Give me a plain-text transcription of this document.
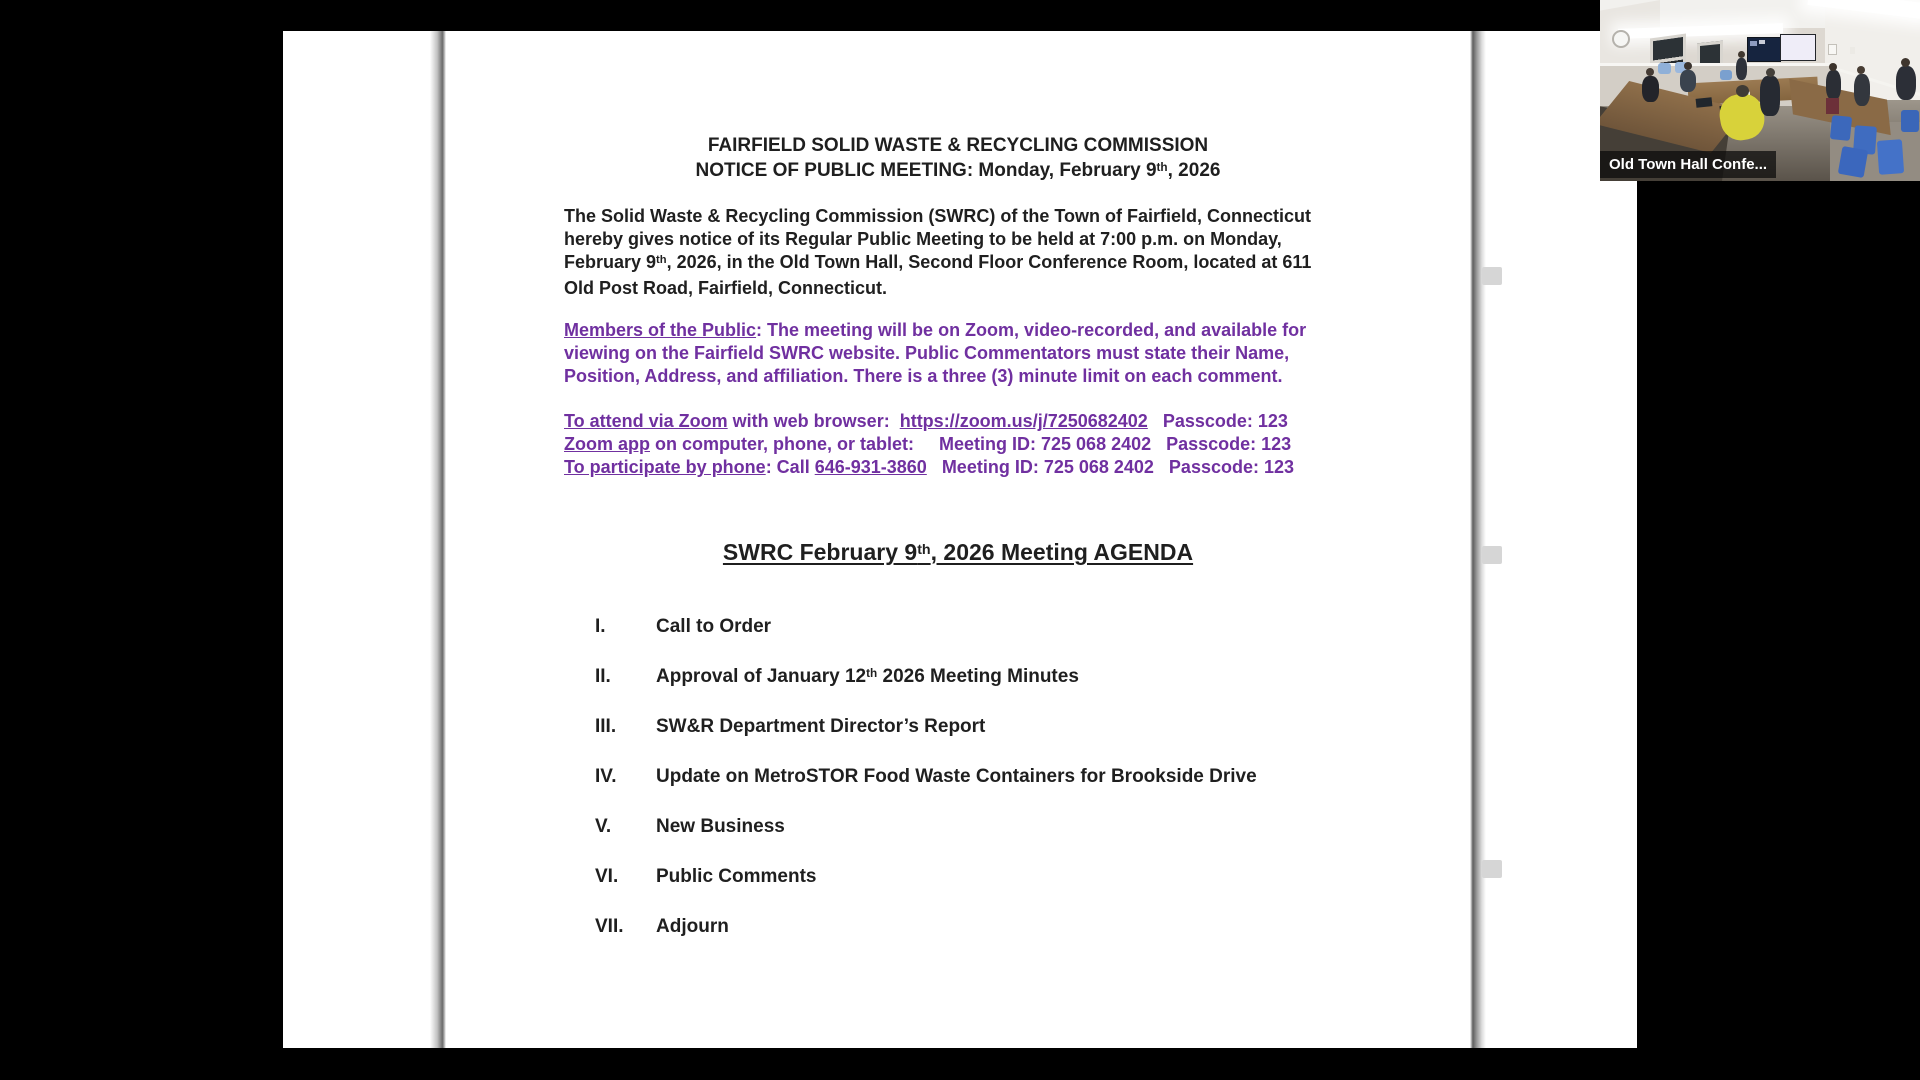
FAIRFIELD SOLID WASTE & RECYCLING COMMISSION
NOTICE OF PUBLIC MEETING: Monday, February 9th, 2026
The Solid Waste & Recycling Commission (SWRC) of the Town of Fairfield, Connecticut
hereby gives notice of its Regular Public Meeting to be held at 7:00 p.m. on Monday,
February 9th, 2026, in the Old Town Hall, Second Floor Conference Room, located at 611
Old Post Road, Fairfield, Connecticut.
Members of the Public: The meeting will be on Zoom, video-recorded, and available for
viewing on the Fairfield SWRC website. Public Commentators must state their Name,
Position, Address, and affiliation. There is a three (3) minute limit on each comment.
To attend via Zoom with web browser:  https://zoom.us/j/7250682402   Passcode: 123
Zoom app on computer, phone, or tablet:     Meeting ID: 725 068 2402   Passcode: 123
To participate by phone: Call 646-931-3860   Meeting ID: 725 068 2402   Passcode: 123
SWRC February 9th, 2026 Meeting AGENDA
I.	Call to Order
II.	Approval of January 12th 2026 Meeting Minutes
III.	SW&R Department Director’s Report
IV.	Update on MetroSTOR Food Waste Containers for Brookside Drive
V.	New Business
VI.	Public Comments
VII.	Adjourn
Old Town Hall Confe...
